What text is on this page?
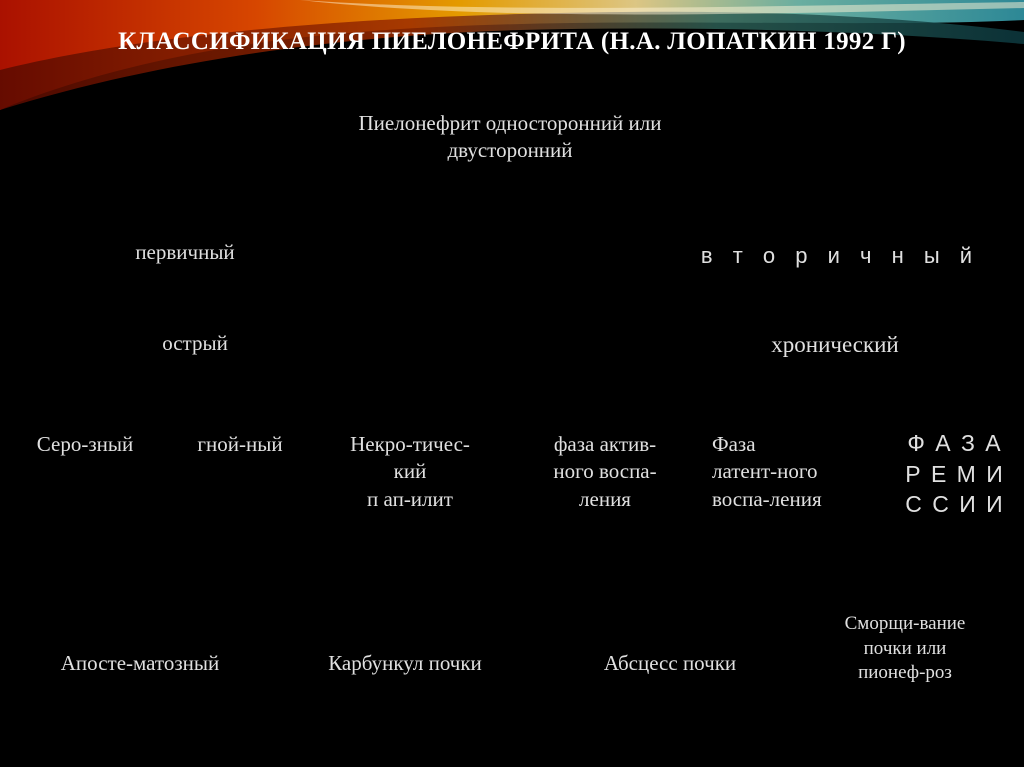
КЛАССИФИКАЦИЯ ПИЕЛОНЕФРИТА (Н.А. ЛОПАТКИН 1992 Г)
Пиелонефрит односторонний или
двусторонний
первичный	в т о р и ч н ы й
острый	хронический
Серо-зный	гной-ный	Некро-тичес-
кий
п ап-илит
фаза актив-
ного воспа-
ления
Фаза
латент-ного
воспа-ления
Ф А З А
Р Е М И
С С И И
Апосте-матозный	Карбункул почки	Абсцесс почки
Сморщи-вание
почки или
пионеф-роз
